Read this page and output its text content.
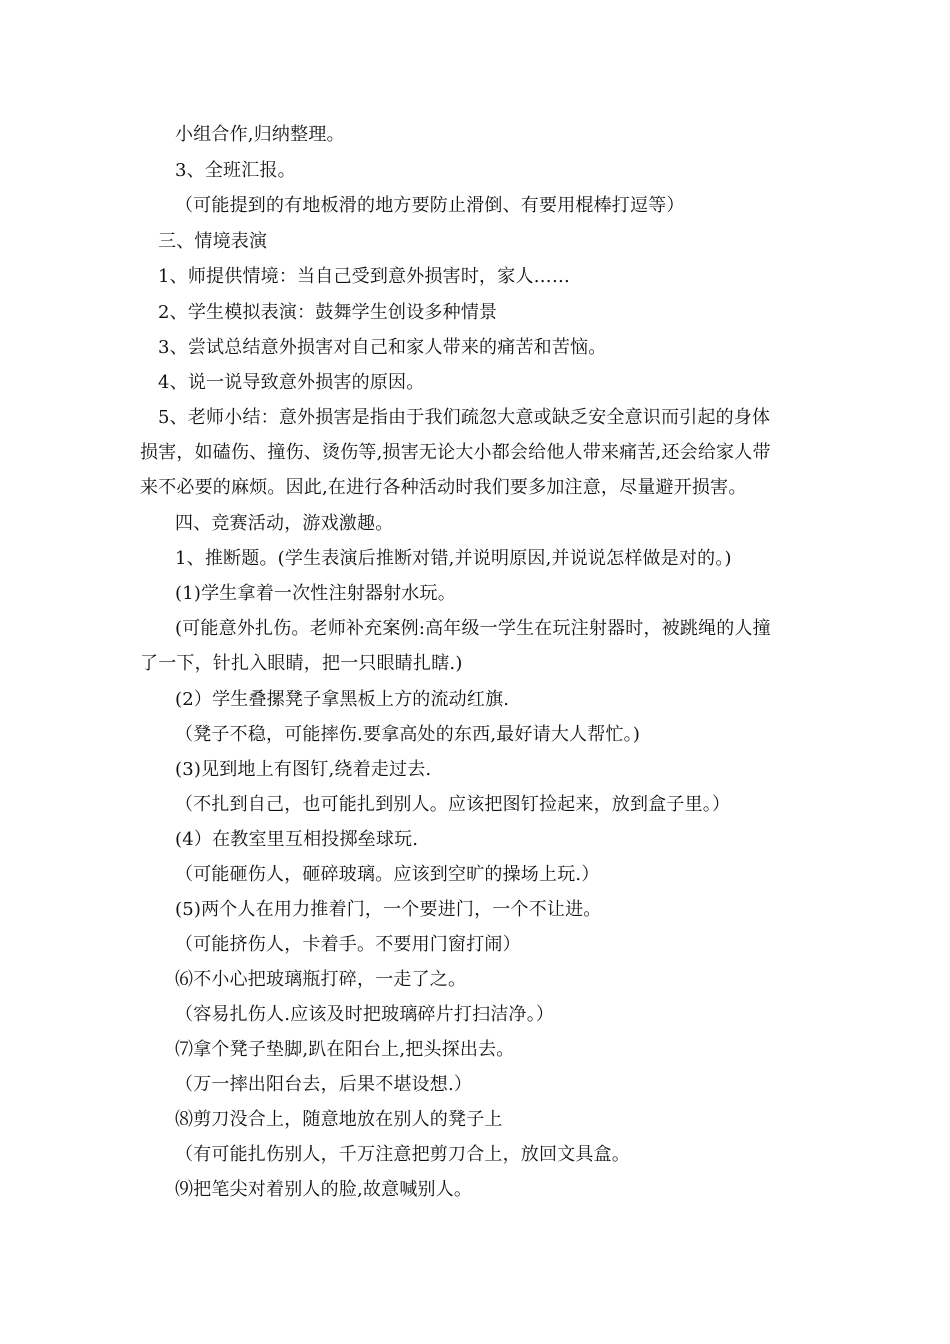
小组合作,归纳整理。
3、全班汇报。
（可能提到的有地板滑的地方要防止滑倒、有要用棍棒打逗等）
三、情境表演
1、师提供情境：当自己受到意外损害时，家人……
2、学生模拟表演：鼓舞学生创设多种情景
3、尝试总结意外损害对自己和家人带来的痛苦和苦恼。
4、说一说导致意外损害的原因。
5、老师小结：意外损害是指由于我们疏忽大意或缺乏安全意识而引起的身体
损害，如磕伤、撞伤、烫伤等,损害无论大小都会给他人带来痛苦,还会给家人带
来不必要的麻烦。因此,在进行各种活动时我们要多加注意，尽量避开损害。
四、竞赛活动，游戏激趣。
1、推断题。(学生表演后推断对错,并说明原因,并说说怎样做是对的。)
(1)学生拿着一次性注射器射水玩。
(可能意外扎伤。老师补充案例:高年级一学生在玩注射器时，被跳绳的人撞
了一下，针扎入眼睛，把一只眼睛扎瞎.)
(2）学生叠摞凳子拿黑板上方的流动红旗.
（凳子不稳，可能摔伤.要拿高处的东西,最好请大人帮忙。)
(3)见到地上有图钉,绕着走过去.
（不扎到自己，也可能扎到别人。应该把图钉捡起来，放到盒子里。）
(4）在教室里互相投掷垒球玩.
（可能砸伤人，砸碎玻璃。应该到空旷的操场上玩.）
(5)两个人在用力推着门，一个要进门，一个不让进。
（可能挤伤人，卡着手。不要用门窗打闹）
⑹不小心把玻璃瓶打碎，一走了之。
（容易扎伤人.应该及时把玻璃碎片打扫洁净。）
⑺拿个凳子垫脚,趴在阳台上,把头探出去。
（万一摔出阳台去，后果不堪设想.）
⑻剪刀没合上，随意地放在别人的凳子上
（有可能扎伤别人，千万注意把剪刀合上，放回文具盒。
⑼把笔尖对着别人的脸,故意喊别人。
